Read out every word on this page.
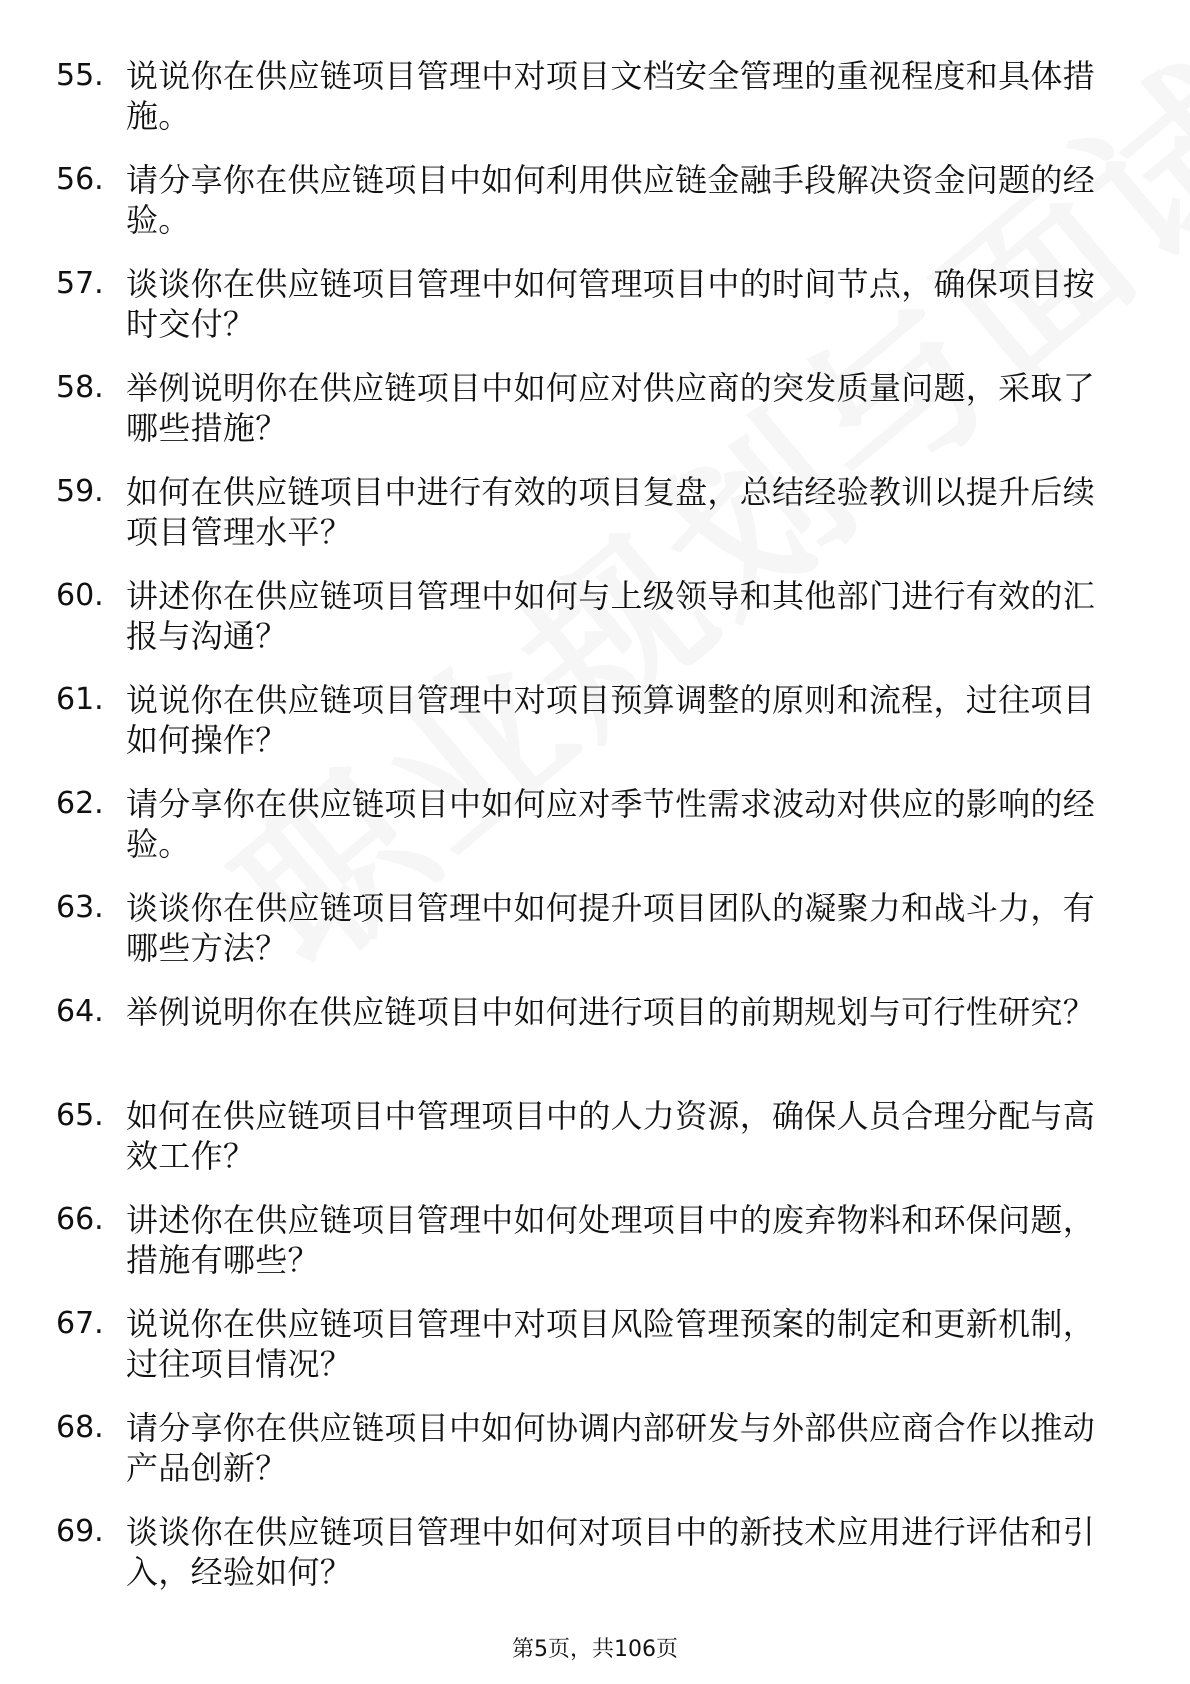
55. 说说你在供应链项目管理中对项目文档安全管理的重视程度和具体措施。
56. 请分享你在供应链项目中如何利用供应链金融手段解决资金问题的经验。
57. 谈谈你在供应链项目管理中如何管理项目中的时间节点，确保项目按时交付？
58. 举例说明你在供应链项目中如何应对供应商的突发质量问题，采取了哪些措施？
59. 如何在供应链项目中进行有效的项目复盘，总结经验教训以提升后续项目管理水平？
60. 讲述你在供应链项目管理中如何与上级领导和其他部门进行有效的汇报与沟通？
61. 说说你在供应链项目管理中对项目预算调整的原则和流程，过往项目如何操作？
62. 请分享你在供应链项目中如何应对季节性需求波动对供应的影响的经验。
63. 谈谈你在供应链项目管理中如何提升项目团队的凝聚力和战斗力，有哪些方法？
64. 举例说明你在供应链项目中如何进行项目的前期规划与可行性研究？
65. 如何在供应链项目中管理项目中的人力资源，确保人员合理分配与高效工作？
66. 讲述你在供应链项目管理中如何处理项目中的废弃物料和环保问题，措施有哪些？
67. 说说你在供应链项目管理中对项目风险管理预案的制定和更新机制，过往项目情况？
68. 请分享你在供应链项目中如何协调内部研发与外部供应商合作以推动产品创新？
69. 谈谈你在供应链项目管理中如何对项目中的新技术应用进行评估和引入，经验如何？
第5页，共106页
